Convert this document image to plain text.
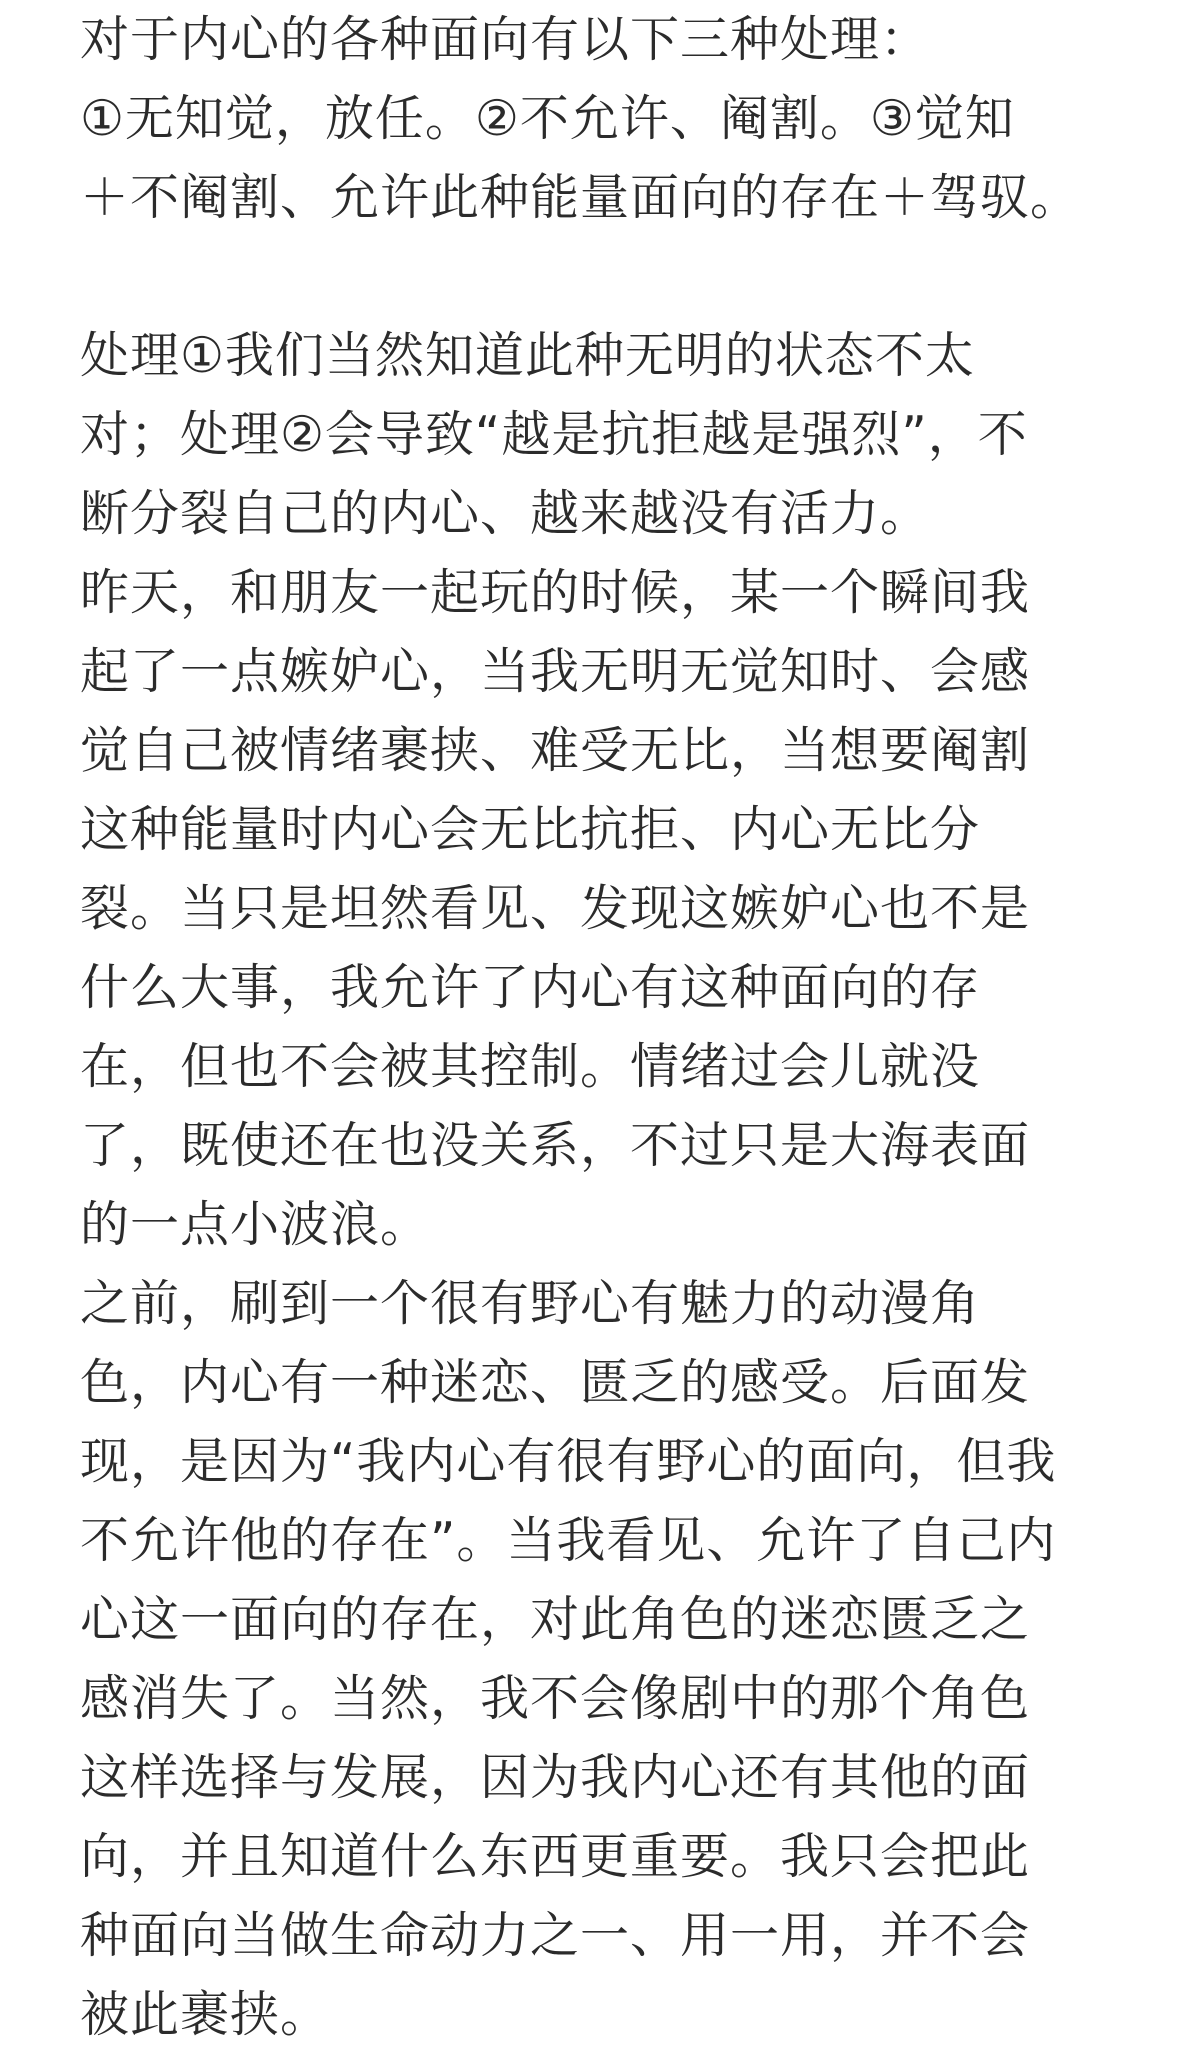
对于内心的各种面向有以下三种处理：
①无知觉，放任。②不允许、阉割。③觉知
＋不阉割、允许此种能量面向的存在＋驾驭。
处理①我们当然知道此种无明的状态不太
对；处理②会导致“越是抗拒越是强烈”，不
断分裂自己的内心、越来越没有活力。
昨天，和朋友一起玩的时候，某一个瞬间我
起了一点嫉妒心，当我无明无觉知时、会感
觉自己被情绪裹挟、难受无比，当想要阉割
这种能量时内心会无比抗拒、内心无比分
裂。当只是坦然看见、发现这嫉妒心也不是
什么大事，我允许了内心有这种面向的存
在，但也不会被其控制。情绪过会儿就没
了，既使还在也没关系，不过只是大海表面
的一点小波浪。
之前，刷到一个很有野心有魅力的动漫角
色，内心有一种迷恋、匮乏的感受。后面发
现，是因为“我内心有很有野心的面向，但我
不允许他的存在”。当我看见、允许了自己内
心这一面向的存在，对此角色的迷恋匮乏之
感消失了。当然，我不会像剧中的那个角色
这样选择与发展，因为我内心还有其他的面
向，并且知道什么东西更重要。我只会把此
种面向当做生命动力之一、用一用，并不会
被此裹挟。
